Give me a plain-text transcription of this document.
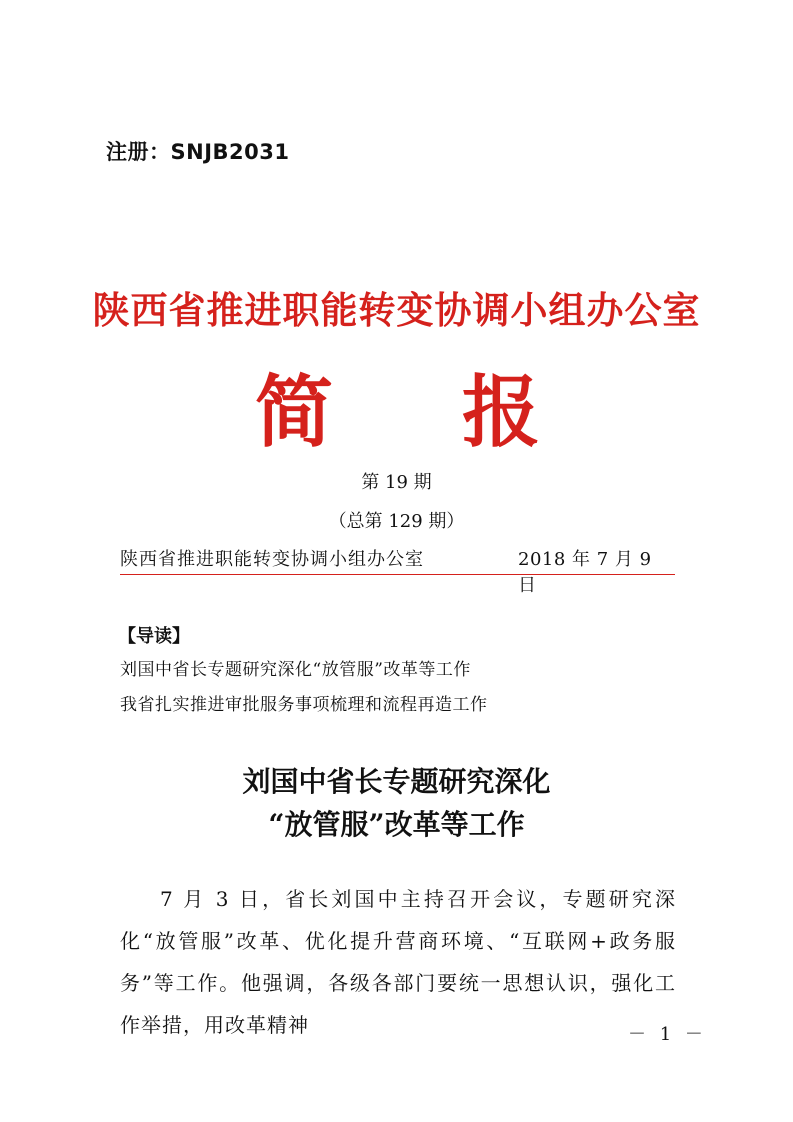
注册：SNJB2031
陕西省推进职能转变协调小组办公室
简 报
第 19 期
（总第 129 期）
陕西省推进职能转变协调小组办公室	2018 年 7 月 9 日
【导读】
刘国中省长专题研究深化“放管服”改革等工作
我省扎实推进审批服务事项梳理和流程再造工作
刘国中省长专题研究深化
“放管服”改革等工作

7 月 3 日，省长刘国中主持召开会议，专题研究深化“放管服”改革、优化提升营商环境、“互联网+政务服务”等工作。他强调，各级各部门要统一思想认识，强化工作举措，用改革精神	－ 1 －
